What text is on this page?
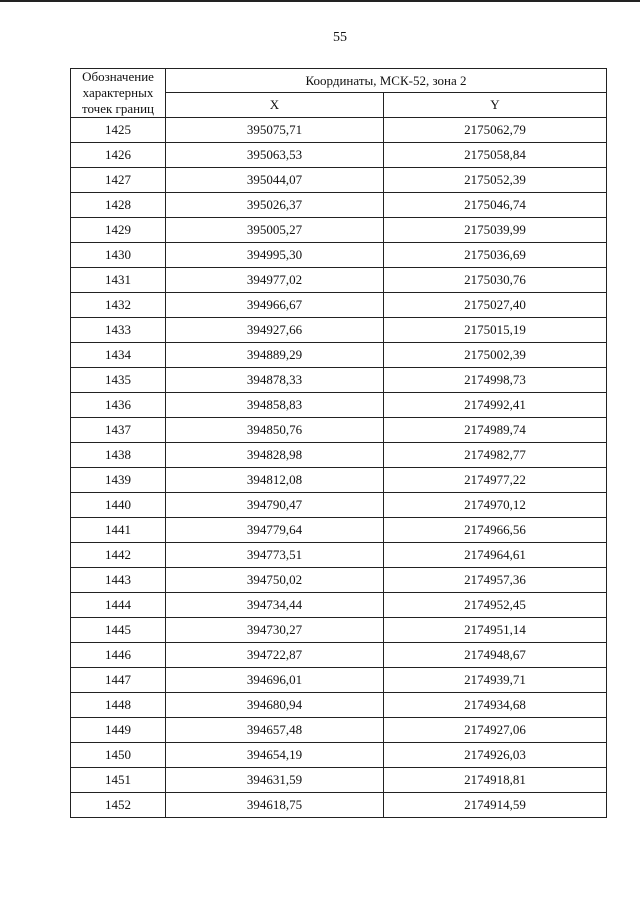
55
Обозначение характерных точек границ	Координаты, МСК-52, зона 2	
	X	Y
1425	395075,71	2175062,79
1426	395063,53	2175058,84
1427	395044,07	2175052,39
1428	395026,37	2175046,74
1429	395005,27	2175039,99
1430	394995,30	2175036,69
1431	394977,02	2175030,76
1432	394966,67	2175027,40
1433	394927,66	2175015,19
1434	394889,29	2175002,39
1435	394878,33	2174998,73
1436	394858,83	2174992,41
1437	394850,76	2174989,74
1438	394828,98	2174982,77
1439	394812,08	2174977,22
1440	394790,47	2174970,12
1441	394779,64	2174966,56
1442	394773,51	2174964,61
1443	394750,02	2174957,36
1444	394734,44	2174952,45
1445	394730,27	2174951,14
1446	394722,87	2174948,67
1447	394696,01	2174939,71
1448	394680,94	2174934,68
1449	394657,48	2174927,06
1450	394654,19	2174926,03
1451	394631,59	2174918,81
1452	394618,75	2174914,59
